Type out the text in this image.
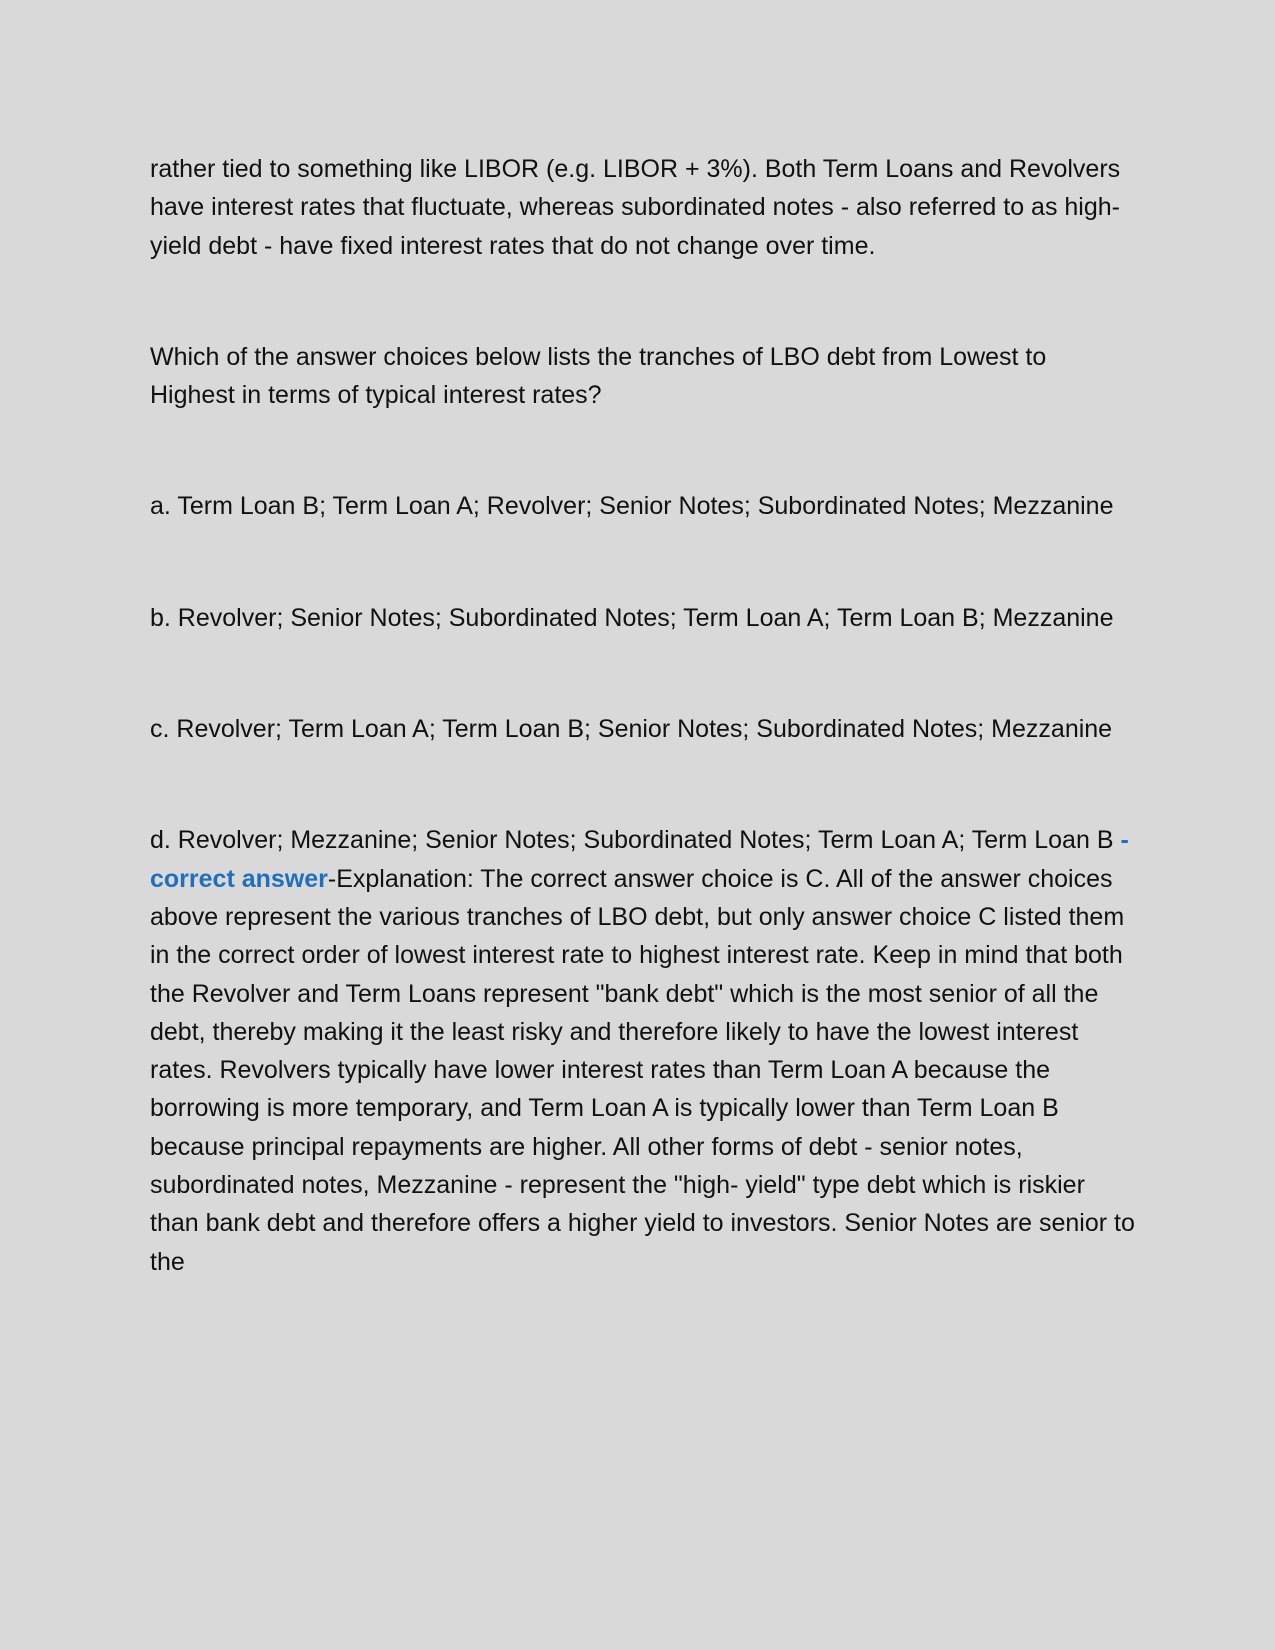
rather tied to something like LIBOR (e.g. LIBOR + 3%). Both Term Loans and Revolvers have interest rates that fluctuate, whereas subordinated notes - also referred to as high-yield debt - have fixed interest rates that do not change over time.

Which of the answer choices below lists the tranches of LBO debt from Lowest to Highest in terms of typical interest rates?

a. Term Loan B; Term Loan A; Revolver; Senior Notes; Subordinated Notes; Mezzanine

b. Revolver; Senior Notes; Subordinated Notes; Term Loan A; Term Loan B; Mezzanine

c. Revolver; Term Loan A; Term Loan B; Senior Notes; Subordinated Notes; Mezzanine

d. Revolver; Mezzanine; Senior Notes; Subordinated Notes; Term Loan A; Term Loan B - correct answer-Explanation: The correct answer choice is C. All of the answer choices above represent the various tranches of LBO debt, but only answer choice C listed them in the correct order of lowest interest rate to highest interest rate. Keep in mind that both the Revolver and Term Loans represent "bank debt" which is the most senior of all the debt, thereby making it the least risky and therefore likely to have the lowest interest rates. Revolvers typically have lower interest rates than Term Loan A because the borrowing is more temporary, and Term Loan A is typically lower than Term Loan B because principal repayments are higher. All other forms of debt - senior notes, subordinated notes, Mezzanine - represent the "high- yield" type debt which is riskier than bank debt and therefore offers a higher yield to investors. Senior Notes are senior to the
